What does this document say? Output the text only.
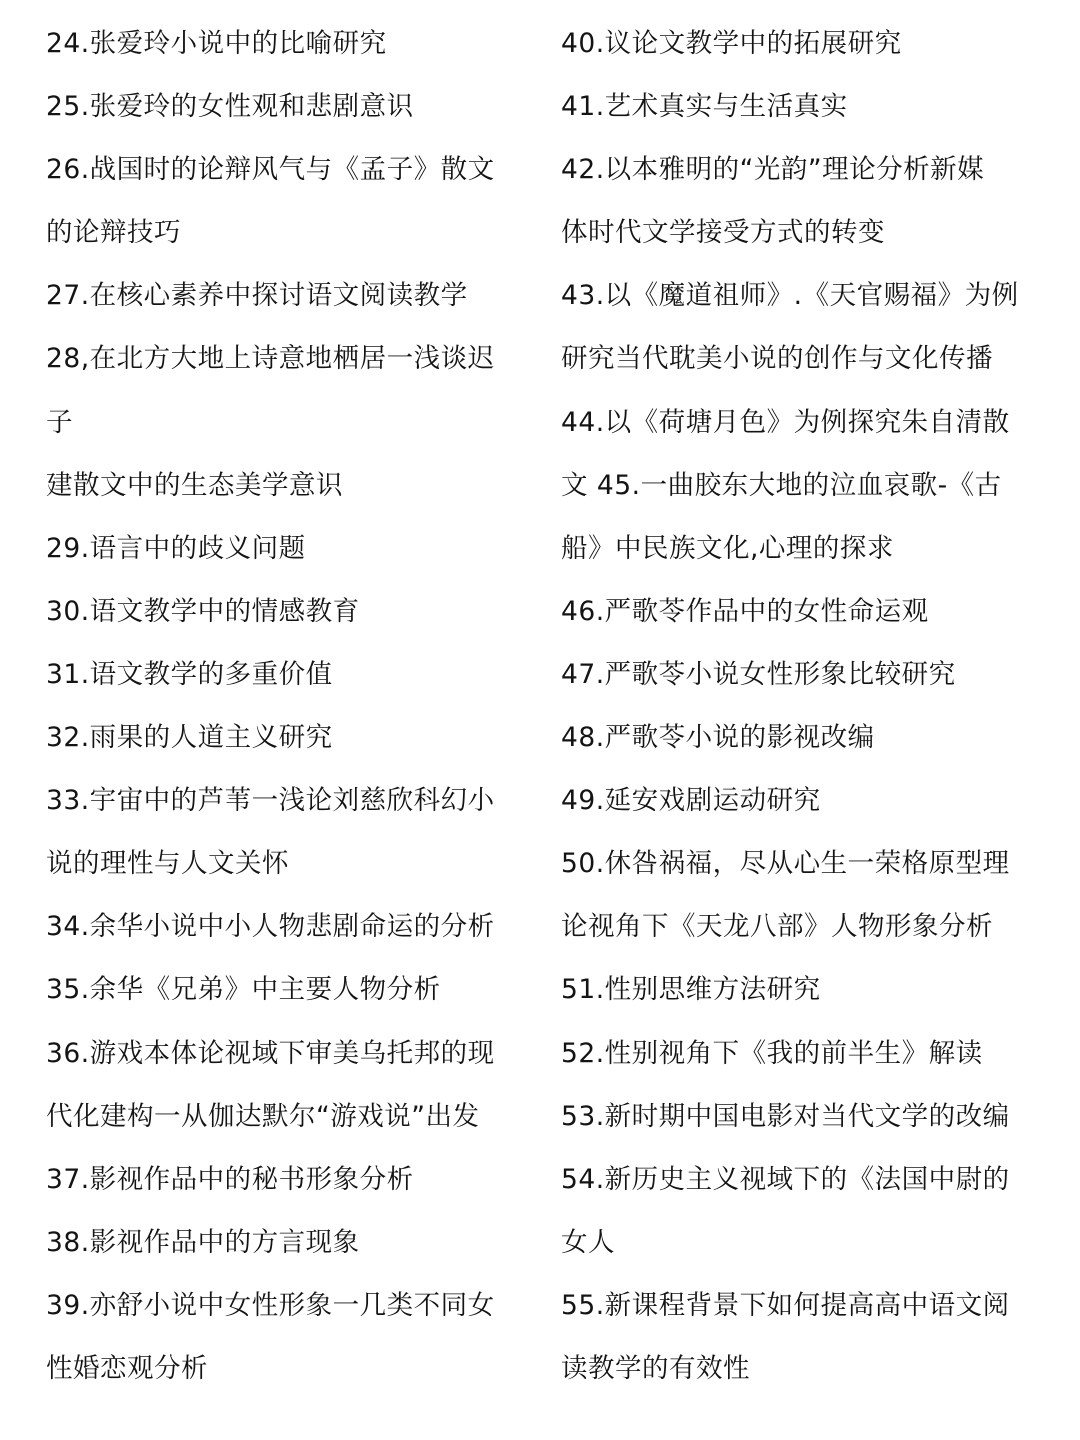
24.张爱玲小说中的比喻研究
25.张爱玲的女性观和悲剧意识
26.战国时的论辩风气与《孟子》散文
的论辩技巧
27.在核心素养中探讨语文阅读教学
28,在北方大地上诗意地栖居一浅谈迟
子
建散文中的生态美学意识
29.语言中的歧义问题
30.语文教学中的情感教育
31.语文教学的多重价值
32.雨果的人道主义研究
33.宇宙中的芦苇一浅论刘慈欣科幻小
说的理性与人文关怀
34.余华小说中小人物悲剧命运的分析
35.余华《兄弟》中主要人物分析
36.游戏本体论视域下审美乌托邦的现
代化建构一从伽达默尔“游戏说”出发
37.影视作品中的秘书形象分析
38.影视作品中的方言现象
39.亦舒小说中女性形象一几类不同女
性婚恋观分析
40.议论文教学中的拓展研究
41.艺术真实与生活真实
42.以本雅明的“光韵”理论分析新媒
体时代文学接受方式的转变
43.以《魔道祖师》.《天官赐福》为例
研究当代耽美小说的创作与文化传播
44.以《荷塘月色》为例探究朱自清散
文 45.一曲胶东大地的泣血哀歌-《古
船》中民族文化,心理的探求
46.严歌苓作品中的女性命运观
47.严歌苓小说女性形象比较研究
48.严歌苓小说的影视改编
49.延安戏剧运动研究
50.休咎祸福，尽从心生一荣格原型理
论视角下《天龙八部》人物形象分析
51.性别思维方法研究
52.性别视角下《我的前半生》解读
53.新时期中国电影对当代文学的改编
54.新历史主义视域下的《法国中尉的
女人
55.新课程背景下如何提高高中语文阅
读教学的有效性
